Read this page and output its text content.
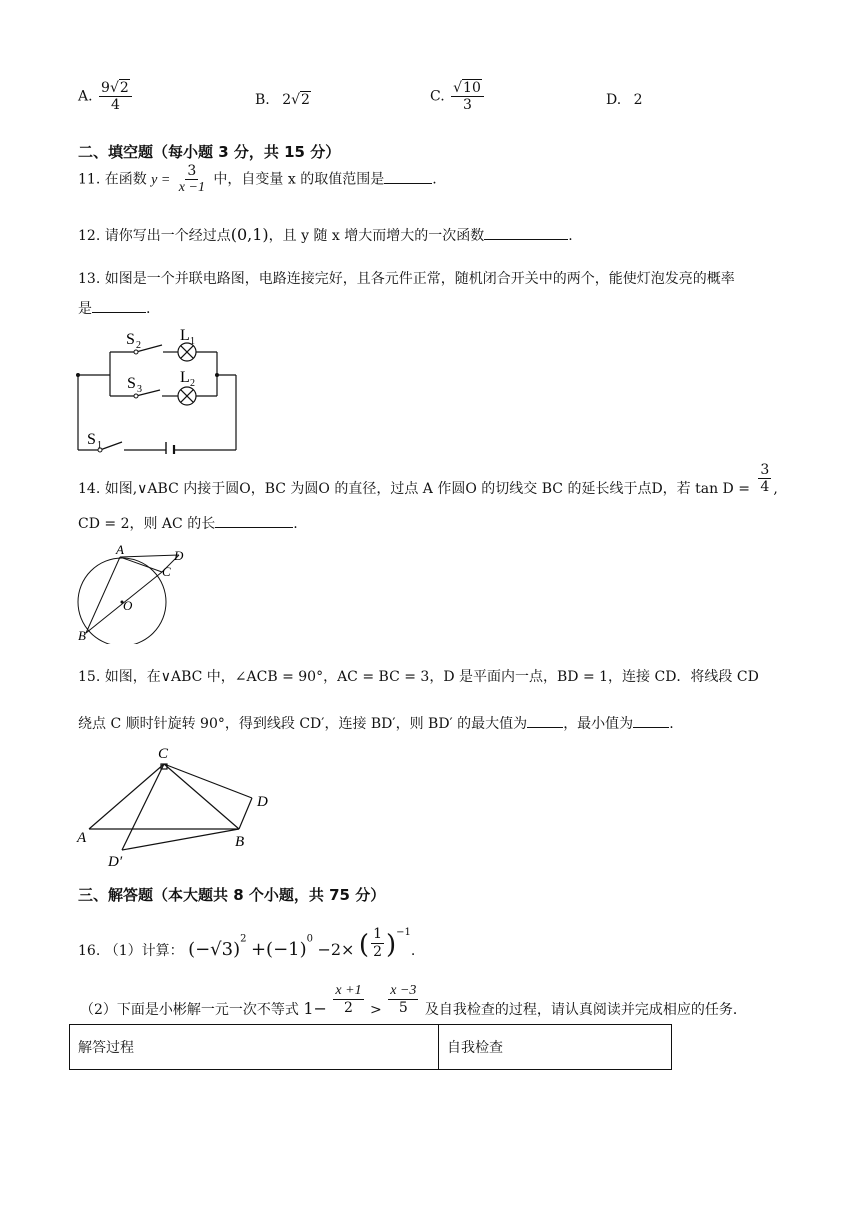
A. $\frac{9√2}{4}$	B. 2√2	C. $\frac{√10}{3}$	D. 2
二、填空题（每小题 3 分，共 15 分）
11. 在函数 $y = \frac{3}{x -1}$ 中，自变量 x 的取值范围是	.
12. 请你写出一个经过点(0,1)，且 y 随 x 增大而增大的一次函数	.
13. 如图是一个并联电路图，电路连接完好，且各元件正常，随机闭合开关中的两个，能使灯泡发亮的概率
是	.
S 2
L 1
S 3
L 2
S 1
14. 如图,∨ABC 内接于圆O，BC 为圆O 的直径，过点 A 作圆O 的切线交 BC 的延长线于点D，若 $\tan D = \frac{3}{4}$ ,
CD = 2，则 AC 的长	.
A	D
C
O
B
15. 如图，在∨ABC 中，∠ACB = 90°，AC = BC = 3，D 是平面内一点，BD = 1，连接 CD．将线段 CD
绕点 C 顺时针旋转 90°，得到线段 CD′，连接 BD′，则 BD′ 的最大值为	，最小值为	.
C
D
A	B
D′
三、解答题（本大题共 8 个小题，共 75 分）
16. （1）计算： $(-√3)^2 +(-1)^0 -2\times$ ( $\frac{1}{2} )^{-1}$.
（2）下面是小彬解一元一次不等式 $1- \frac{x +1}{2} > \frac{x -3}{5}$ 及自我检查的过程，请认真阅读并完成相应的任务．
解答过程	自我检查
